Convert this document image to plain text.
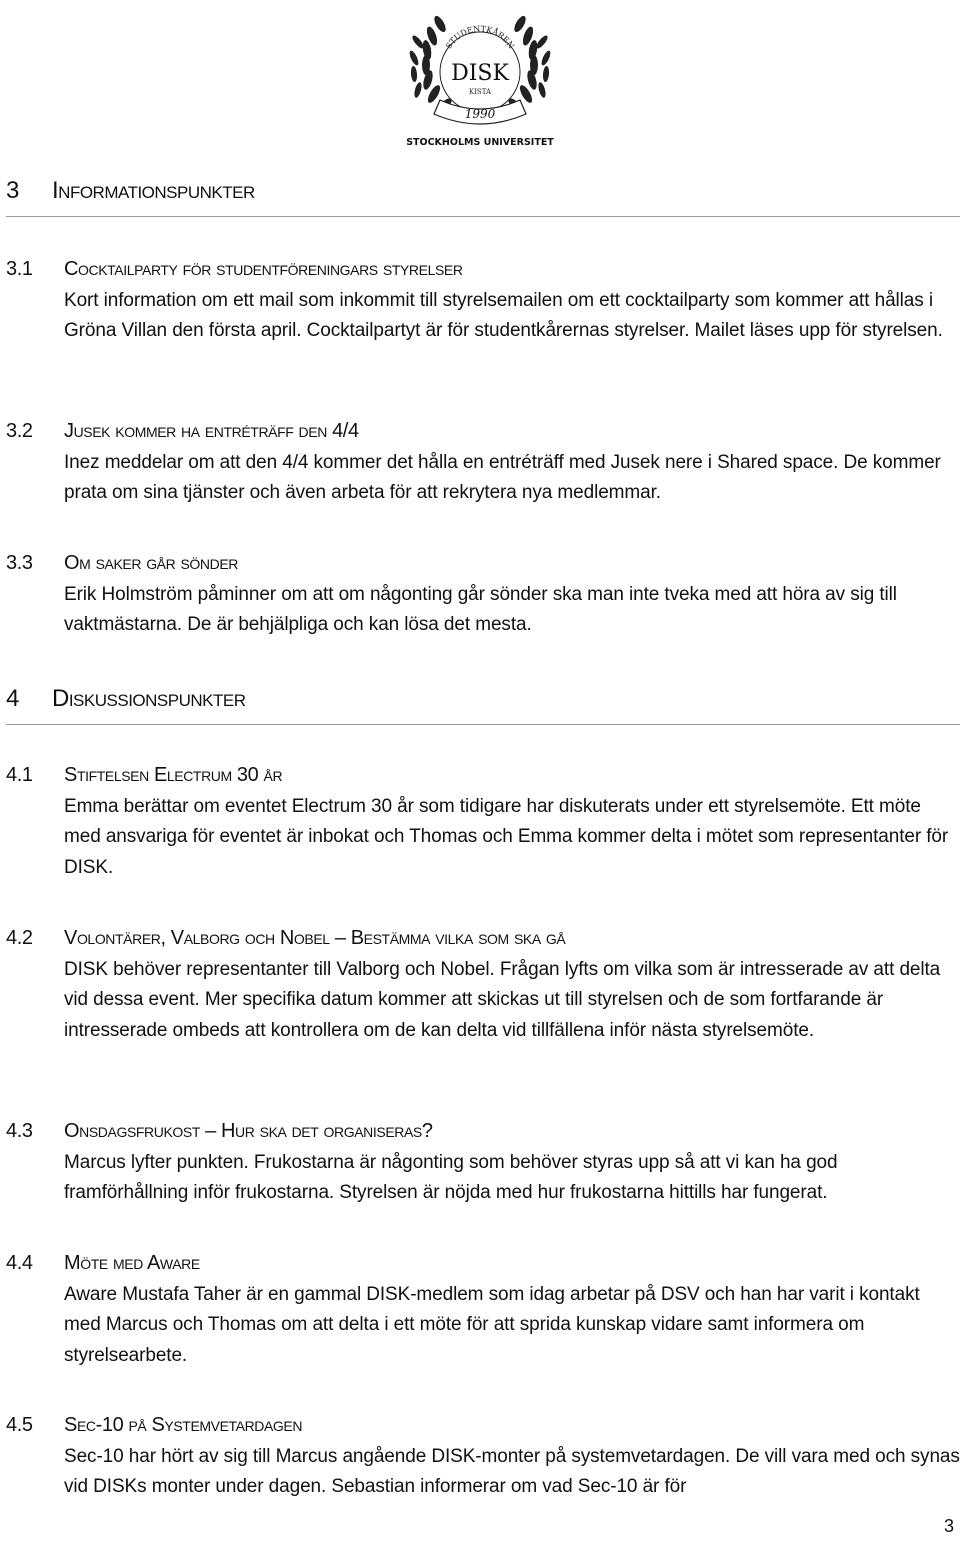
STUDENTKÅREN
DISK
KISTA
1990
STOCKHOLMS UNIVERSITET
3 Informationspunkter
3.1 Cocktailparty för studentföreningars styrelser
Kort information om ett mail som inkommit till styrelsemailen om ett cocktailparty som kommer att hållas i Gröna Villan den första april. Cocktailpartyt är för studentkårernas styrelser. Mailet läses upp för styrelsen.
3.2 Jusek kommer ha entréträff den 4/4
Inez meddelar om att den 4/4 kommer det hålla en entréträff med Jusek nere i Shared space. De kommer prata om sina tjänster och även arbeta för att rekrytera nya medlemmar.
3.3 Om saker går sönder
Erik Holmström påminner om att om någonting går sönder ska man inte tveka med att höra av sig till vaktmästarna. De är behjälpliga och kan lösa det mesta.
4 Diskussionspunkter
4.1 Stiftelsen Electrum 30 år
Emma berättar om eventet Electrum 30 år som tidigare har diskuterats under ett styrelsemöte. Ett möte med ansvariga för eventet är inbokat och Thomas och Emma kommer delta i mötet som representanter för DISK.
4.2 Volontärer, Valborg och Nobel – Bestämma vilka som ska gå
DISK behöver representanter till Valborg och Nobel. Frågan lyfts om vilka som är intresserade av att delta vid dessa event. Mer specifika datum kommer att skickas ut till styrelsen och de som fortfarande är intresserade ombeds att kontrollera om de kan delta vid tillfällena inför nästa styrelsemöte.
4.3 Onsdagsfrukost – Hur ska det organiseras?
Marcus lyfter punkten. Frukostarna är någonting som behöver styras upp så att vi kan ha god framförhållning inför frukostarna. Styrelsen är nöjda med hur frukostarna hittills har fungerat.
4.4 Möte med Aware
Aware Mustafa Taher är en gammal DISK-medlem som idag arbetar på DSV och han har varit i kontakt med Marcus och Thomas om att delta i ett möte för att sprida kunskap vidare samt informera om styrelsearbete.
4.5 Sec-10 på Systemvetardagen
Sec-10 har hört av sig till Marcus angående DISK-monter på systemvetardagen. De vill vara med och synas vid DISKs monter under dagen. Sebastian informerar om vad Sec-10 är för
3
